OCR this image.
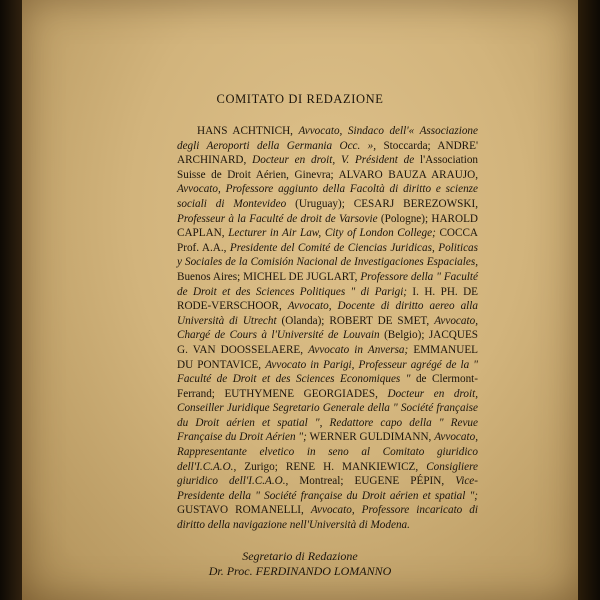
COMITATO DI REDAZIONE

HANS ACHTNICH, Avvocato, Sindaco dell'« Associazione degli Aeroporti della Germania Occ. », Stoccarda; ANDRE' ARCHINARD, Docteur en droit, V. Président de l'Association Suisse de Droit Aérien, Ginevra; ALVARO BAUZA ARAUJO, Avvocato, Professore aggiunto della Facoltà di diritto e scienze sociali di Montevideo (Uruguay); CESARJ BEREZOWSKI, Professeur à la Faculté de droit de Varsovie (Pologne); HAROLD CAPLAN, Lecturer in Air Law, City of London College; COCCA Prof. A.A., Presidente del Comité de Ciencias Juridicas, Politicas y Sociales de la Comisión Nacional de Investigaciones Espaciales, Buenos Aires; MICHEL DE JUGLART, Professore della " Faculté de Droit et des Sciences Politiques " di Parigi; I. H. PH. DE RODE-VERSCHOOR, Avvocato, Docente di diritto aereo alla Università di Utrecht (Olanda); ROBERT DE SMET, Avvocato, Chargé de Cours à l'Université de Louvain (Belgio); JACQUES G. VAN DOOSSELAERE, Avvocato in Anversa; EMMANUEL DU PONTAVICE, Avvocato in Parigi, Professeur agrégé de la " Faculté de Droit et des Sciences Economiques " de Clermont-Ferrand; EUTHYMENE GEORGIADES, Docteur en droit, Conseiller Juridique Segretario Generale della " Société française du Droit aérien et spatial ", Redattore capo della " Revue Française du Droit Aérien "; WERNER GULDIMANN, Avvocato, Rappresentante elvetico in seno al Comitato giuridico dell'I.C.A.O., Zurigo; RENE H. MANKIEWICZ, Consigliere giuridico dell'I.C.A.O., Montreal; EUGENE PÉPIN, Vice-Presidente della " Société française du Droit aérien et spatial "; GUSTAVO ROMANELLI, Avvocato, Professore incaricato di diritto della navigazione nell'Università di Modena.

Segretario di Redazione
Dr. Proc. FERDINANDO LOMANNO
